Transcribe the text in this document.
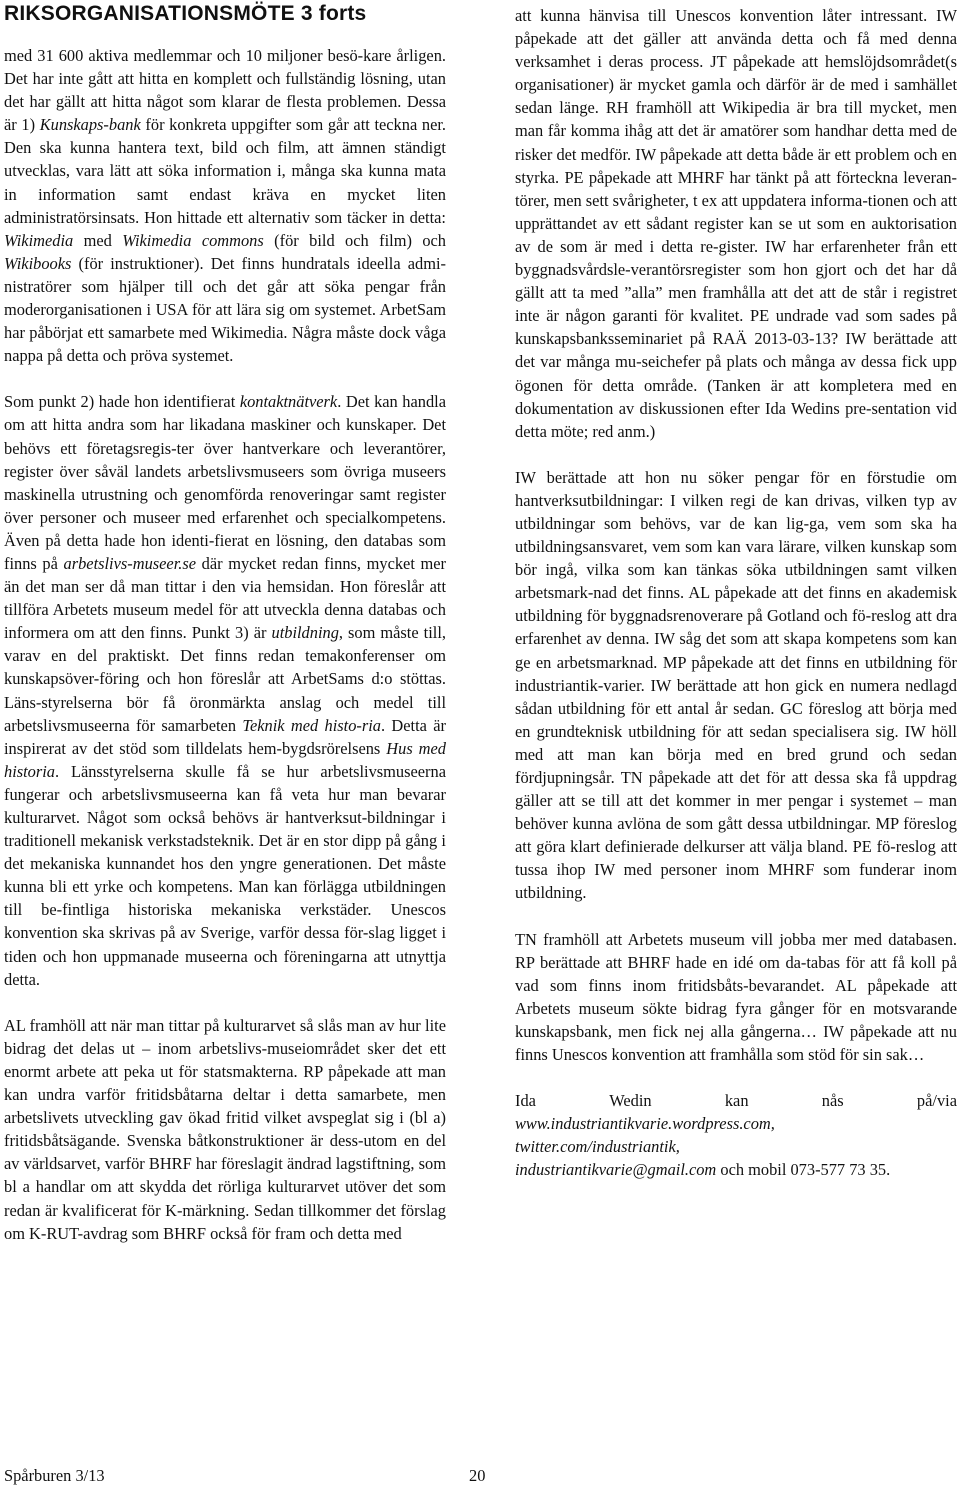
RIKSORGANISATIONSMÖTE 3 forts

med 31 600 aktiva medlemmar och 10 miljoner besö-kare årligen. Det har inte gått att hitta en komplett och fullständig lösning, utan det har gällt att hitta något som klarar de flesta problemen. Dessa är 1) Kunskaps-bank för konkreta uppgifter som går att teckna ner. Den ska kunna hantera text, bild och film, att ämnen ständigt utvecklas, vara lätt att söka information i, många ska kunna mata in information samt endast kräva en mycket liten administratörsinsats. Hon hittade ett alternativ som täcker in detta: Wikimedia med Wikimedia commons (för bild och film) och Wikibooks (för instruktioner). Det finns hundratals ideella admi-nistratörer som hjälper till och det går att söka pengar från moderorganisationen i USA för att lära sig om systemet. ArbetSam har påbörjat ett samarbete med Wikimedia. Några måste dock våga nappa på detta och pröva systemet.

Som punkt 2) hade hon identifierat kontaktnätverk. Det kan handla om att hitta andra som har likadana maskiner och kunskaper. Det behövs ett företagsregis-ter över hantverkare och leverantörer, register över såväl landets arbetslivsmuseers som övriga museers maskinella utrustning och genomförda renoveringar samt register över personer och museer med erfarenhet och specialkompetens. Även på detta hade hon identi-fierat en lösning, den databas som finns på arbetslivs-museer.se där mycket redan finns, mycket mer än det man ser då man tittar i den via hemsidan. Hon föreslår att tillföra Arbetets museum medel för att utveckla denna databas och informera om att den finns. Punkt 3) är utbildning, som måste till, varav en del praktiskt. Det finns redan temakonferenser om kunskapsöver-föring och hon föreslår att ArbetSams d:o stöttas. Läns-styrelserna bör få öronmärkta anslag och medel till arbetslivsmuseerna för samarbeten Teknik med histo-ria. Detta är inspirerat av det stöd som tilldelats hem-bygdsrörelsens Hus med historia. Länsstyrelserna skulle få se hur arbetslivsmuseerna fungerar och arbetslivsmuseerna kan få veta hur man bevarar kulturarvet. Något som också behövs är hantverksut-bildningar i traditionell mekanisk verkstadsteknik. Det är en stor dipp på gång i det mekaniska kunnandet hos den yngre generationen. Det måste kunna bli ett yrke och kompetens. Man kan förlägga utbildningen till be-fintliga historiska mekaniska verkstäder. Unescos konvention ska skrivas på av Sverige, varför dessa för-slag ligget i tiden och hon uppmanade museerna och föreningarna att utnyttja detta.

AL framhöll att när man tittar på kulturarvet så slås man av hur lite bidrag det delas ut – inom arbetslivs-museiområdet sker det ett enormt arbete att peka ut för statsmakterna. RP påpekade att man kan undra varför fritidsbåtarna deltar i detta samarbete, men arbetslivets utveckling gav ökad fritid vilket avspeglat sig i (bl a) fritidsbåtsägande. Svenska båtkonstruktioner är dess-utom en del av världsarvet, varför BHRF har föreslagit ändrad lagstiftning, som bl a handlar om att skydda det rörliga kulturarvet utöver det som redan är kvalificerat för K-märkning. Sedan tillkommer det förslag om K-RUT-avdrag som BHRF också för fram och detta med

att kunna hänvisa till Unescos konvention låter intressant. IW påpekade att det gäller att använda detta och få med denna verksamhet i deras process. JT påpekade att hemslöjdsområdet(s organisationer) är mycket gamla och därför är de med i samhället sedan länge. RH framhöll att Wikipedia är bra till mycket, men man får komma ihåg att det är amatörer som handhar detta med de risker det medför. IW påpekade att detta både är ett problem och en styrka. PE påpekade att MHRF har tänkt på att förteckna leveran-törer, men sett svårigheter, t ex att uppdatera informa-tionen och att upprättandet av ett sådant register kan se ut som en auktorisation av de som är med i detta re-gister. IW har erfarenheter från ett byggnadsvårdsle-verantörsregister som hon gjort och det har då gällt att ta med ”alla” men framhålla att det att de står i registret inte är någon garanti för kvalitet. PE undrade vad som sades på kunskapsbanksseminariet på RAÄ 2013-03-13? IW berättade att det var många mu-seichefer på plats och många av dessa fick upp ögonen för detta område. (Tanken är att kompletera med en dokumentation av diskussionen efter Ida Wedins pre-sentation vid detta möte; red anm.)

IW berättade att hon nu söker pengar för en förstudie om hantverksutbildningar: I vilken regi de kan drivas, vilken typ av utbildningar som behövs, var de kan lig-ga, vem som ska ha utbildningsansvaret, vem som kan vara lärare, vilken kunskap som bör ingå, vilka som kan tänkas söka utbildningen samt vilken arbetsmark-nad det finns. AL påpekade att det finns en akademisk utbildning för byggnadsrenoverare på Gotland och fö-reslog att dra erfarenhet av denna. IW såg det som att skapa kompetens som kan ge en arbetsmarknad. MP påpekade att det finns en utbildning för industriantik-varier. IW berättade att hon gick en numera nedlagd sådan utbildning för ett antal år sedan. GC föreslog att börja med en grundteknisk utbildning för att sedan specialisera sig. IW höll med att man kan börja med en bred grund och sedan fördjupningsår. TN påpekade att det för att dessa ska få uppdrag gäller att se till att det kommer in mer pengar i systemet – man behöver kunna avlöna de som gått dessa utbildningar. MP föreslog att göra klart definierade delkurser att välja bland. PE fö-reslog att tussa ihop IW med personer inom MHRF som funderar inom utbildning.

TN framhöll att Arbetets museum vill jobba mer med databasen. RP berättade att BHRF hade en idé om da-tabas för att få koll på vad som finns inom fritidsbåts-bevarandet. AL påpekade att Arbetets museum sökte bidrag fyra gånger för en motsvarande kunskapsbank, men fick nej alla gångerna… IW påpekade att nu finns Unescos konvention att framhålla som stöd för sin sak…

Ida	Wedin	kan	nås	på/via
www.industriantikvarie.wordpress.com,
twitter.com/industriantik,
industriantikvarie@gmail.com och mobil 073-577 73 35.
Spårburen 3/13	20
